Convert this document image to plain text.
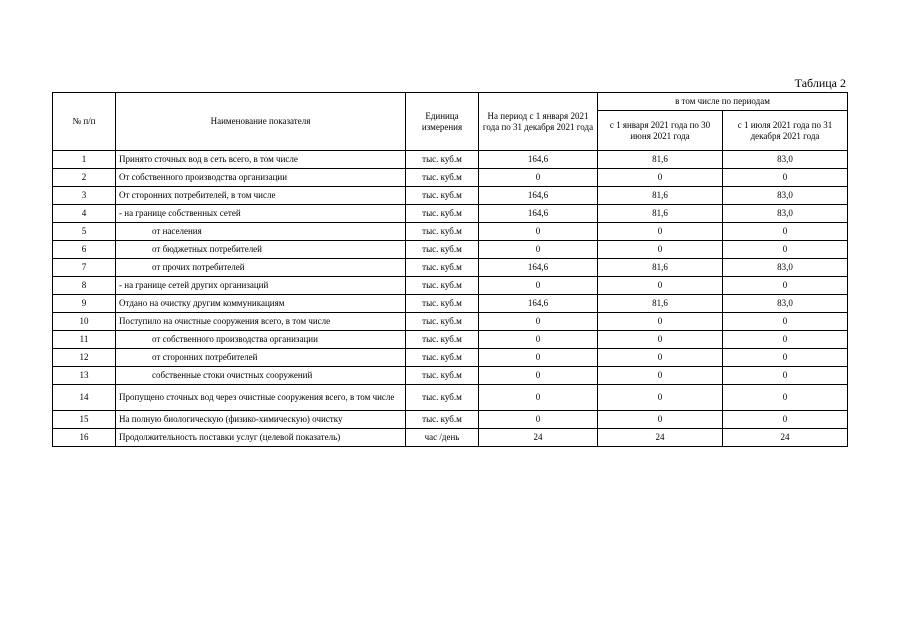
Таблица 2
№ п/п	Наименование показателя	Единица измерения	На период с 1 января 2021 года по 31 декабря 2021 года	в том числе по периодам	
				с 1 января 2021 года по 30 июня 2021 года	с 1 июля 2021 года по 31 декабря 2021 года
1	Принято сточных вод в сеть всего, в том числе	тыс. куб.м	164,6	81,6	83,0
2	От собственного производства организации	тыс. куб.м	0	0	0
3	От сторонних потребителей, в том числе	тыс. куб.м	164,6	81,6	83,0
4	- на границе собственных сетей	тыс. куб.м	164,6	81,6	83,0
5	от населения	тыс. куб.м	0	0	0
6	от бюджетных потребителей	тыс. куб.м	0	0	0
7	от прочих потребителей	тыс. куб.м	164,6	81,6	83,0
8	- на границе сетей других организаций	тыс. куб.м	0	0	0
9	Отдано на очистку другим коммуникациям	тыс. куб.м	164,6	81,6	83,0
10	Поступило на очистные сооружения всего, в том числе	тыс. куб.м	0	0	0
11	от собственного производства организации	тыс. куб.м	0	0	0
12	от сторонних потребителей	тыс. куб.м	0	0	0
13	собственные стоки очистных сооружений	тыс. куб.м	0	0	0
14	Пропущено сточных вод через очистные сооружения всего, в том числе	тыс. куб.м	0	0	0
15	На полную биологическую (физико-химическую) очистку	тыс. куб.м	0	0	0
16	Продолжительность поставки услуг (целевой показатель)	час /день	24	24	24
